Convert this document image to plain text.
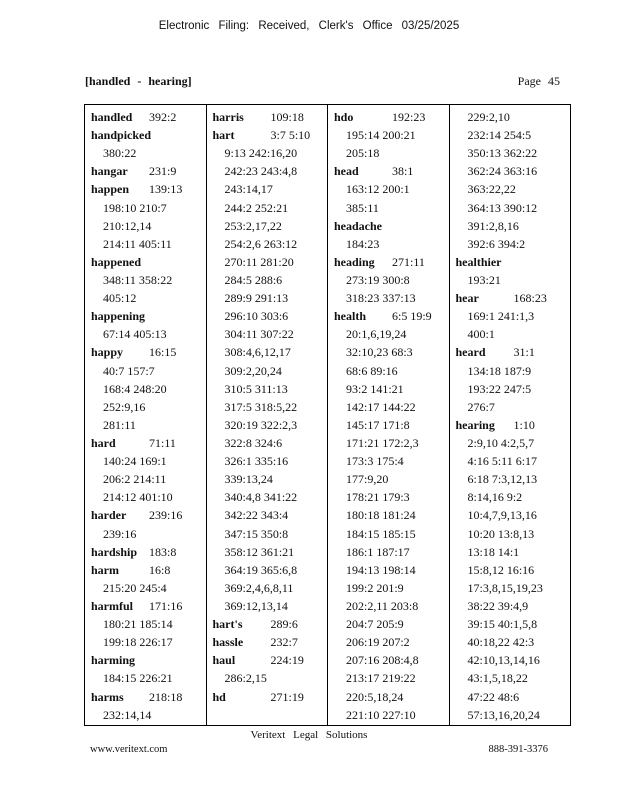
Electronic Filing: Received, Clerk's Office 03/25/2025
[handled - hearing]	Page 45
handled 392:2
handpicked
380:22
hangar 231:9
happen 139:13
198:10 210:7
210:12,14
214:11 405:11
happened
348:11 358:22
405:12
happening
67:14 405:13
happy 16:15
40:7 157:7
168:4 248:20
252:9,16
281:11
hard	71:11
140:24 169:1
206:2 214:11
214:12 401:10
harder 239:16
239:16
hardship 183:8
harm	16:8
215:20 245:4
harmful 171:16
180:21 185:14
199:18 226:17
harming
184:15 226:21
harms 218:18
232:14,14
harris 109:18
hart	3:7 5:10
9:13 242:16,20
242:23 243:4,8
243:14,17
244:2 252:21
253:2,17,22
254:2,6 263:12
270:11 281:20
284:5 288:6
289:9 291:13
296:10 303:6
304:11 307:22
308:4,6,12,17
309:2,20,24
310:5 311:13
317:5 318:5,22
320:19 322:2,3
322:8 324:6
326:1 335:16
339:13,24
340:4,8 341:22
342:22 343:4
347:15 350:8
358:12 361:21
364:19 365:6,8
369:2,4,6,8,11
369:12,13,14
hart's 289:6
hassle 232:7
haul	224:19
286:2,15
hd	271:19
hdo	192:23
195:14 200:21
205:18
head	38:1
163:12 200:1
385:11
headache
184:23
heading 271:11
273:19 300:8
318:23 337:13
health 6:5 19:9
20:1,6,19,24
32:10,23 68:3
68:6 89:16
93:2 141:21
142:17 144:22
145:17 171:8
171:21 172:2,3
173:3 175:4
177:9,20
178:21 179:3
180:18 181:24
184:15 185:15
186:1 187:17
194:13 198:14
199:2 201:9
202:2,11 203:8
204:7 205:9
206:19 207:2
207:16 208:4,8
213:17 219:22
220:5,18,24
221:10 227:10
229:2,10
232:14 254:5
350:13 362:22
362:24 363:16
363:22,22
364:13 390:12
391:2,8,16
392:6 394:2
healthier
193:21
hear	168:23
169:1 241:1,3
400:1
heard 31:1
134:18 187:9
193:22 247:5
276:7
hearing 1:10
2:9,10 4:2,5,7
4:16 5:11 6:17
6:18 7:3,12,13
8:14,16 9:2
10:4,7,9,13,16
10:20 13:8,13
13:18 14:1
15:8,12 16:16
17:3,8,15,19,23
38:22 39:4,9
39:15 40:1,5,8
40:18,22 42:3
42:10,13,14,16
43:1,5,18,22
47:22 48:6
57:13,16,20,24
Veritext Legal Solutions
www.veritext.com	888-391-3376
